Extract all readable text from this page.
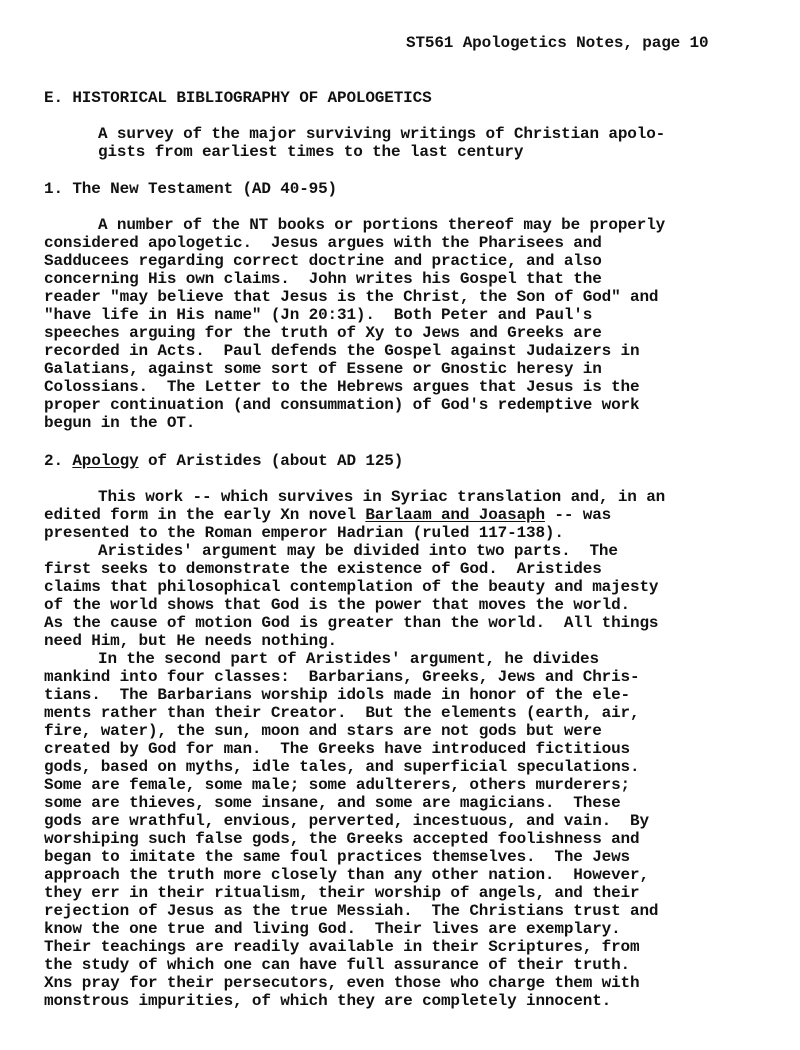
ST561 Apologetics Notes, page 10
E. HISTORICAL BIBLIOGRAPHY OF APOLOGETICS
A survey of the major surviving writings of Christian apolo-
gists from earliest times to the last century
1. The New Testament (AD 40-95)
A number of the NT books or portions thereof may be properly
considered apologetic.  Jesus argues with the Pharisees and
Sadducees regarding correct doctrine and practice, and also
concerning His own claims.  John writes his Gospel that the
reader "may believe that Jesus is the Christ, the Son of God" and
"have life in His name" (Jn 20:31).  Both Peter and Paul's
speeches arguing for the truth of Xy to Jews and Greeks are
recorded in Acts.  Paul defends the Gospel against Judaizers in
Galatians, against some sort of Essene or Gnostic heresy in
Colossians.  The Letter to the Hebrews argues that Jesus is the
proper continuation (and consummation) of God's redemptive work
begun in the OT.
2. Apology of Aristides (about AD 125)
This work -- which survives in Syriac translation and, in an
edited form in the early Xn novel Barlaam and Joasaph -- was
presented to the Roman emperor Hadrian (ruled 117-138).
Aristides' argument may be divided into two parts.  The
first seeks to demonstrate the existence of God.  Aristides
claims that philosophical contemplation of the beauty and majesty
of the world shows that God is the power that moves the world.
As the cause of motion God is greater than the world.  All things
need Him, but He needs nothing.
In the second part of Aristides' argument, he divides
mankind into four classes:  Barbarians, Greeks, Jews and Chris-
tians.  The Barbarians worship idols made in honor of the ele-
ments rather than their Creator.  But the elements (earth, air,
fire, water), the sun, moon and stars are not gods but were
created by God for man.  The Greeks have introduced fictitious
gods, based on myths, idle tales, and superficial speculations.
Some are female, some male; some adulterers, others murderers;
some are thieves, some insane, and some are magicians.  These
gods are wrathful, envious, perverted, incestuous, and vain.  By
worshiping such false gods, the Greeks accepted foolishness and
began to imitate the same foul practices themselves.  The Jews
approach the truth more closely than any other nation.  However,
they err in their ritualism, their worship of angels, and their
rejection of Jesus as the true Messiah.  The Christians trust and
know the one true and living God.  Their lives are exemplary.
Their teachings are readily available in their Scriptures, from
the study of which one can have full assurance of their truth.
Xns pray for their persecutors, even those who charge them with
monstrous impurities, of which they are completely innocent.
